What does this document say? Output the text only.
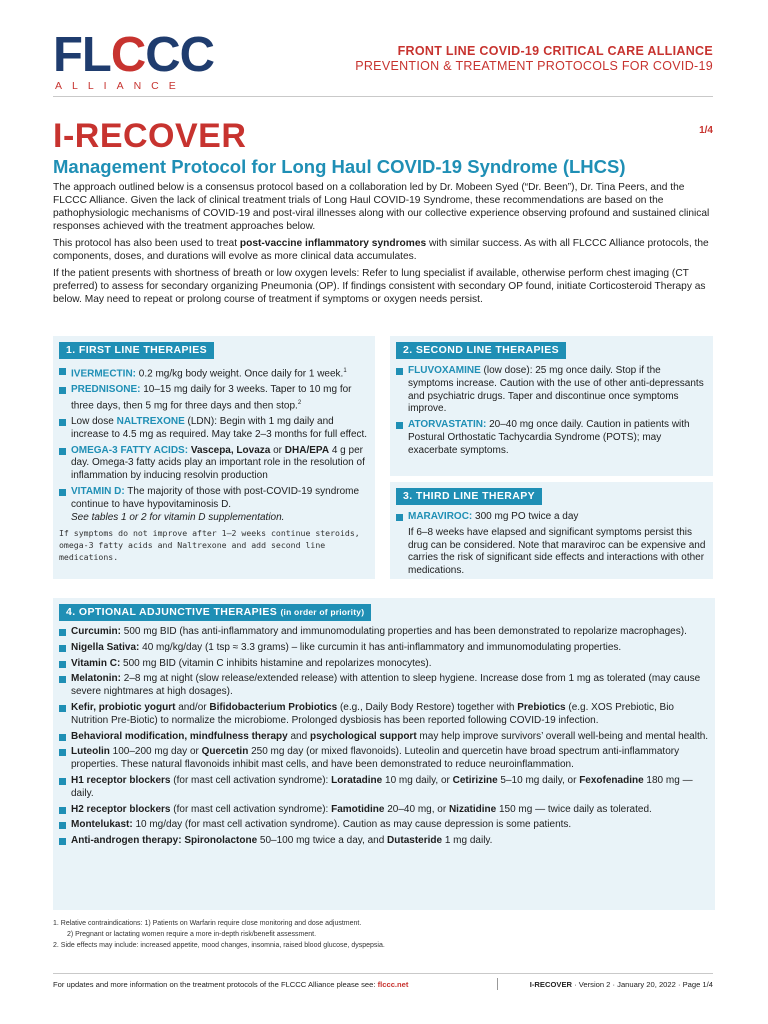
FLCCC
ALLIANCE
FRONT LINE COVID-19 CRITICAL CARE ALLIANCE
PREVENTION & TREATMENT PROTOCOLS FOR COVID-19
I-RECOVER	1/4
Management Protocol for Long Haul COVID-19 Syndrome (LHCS)

The approach outlined below is a consensus protocol based on a collaboration led by Dr. Mobeen Syed (“Dr. Been”), Dr. Tina Peers, and the FLCCC Alliance. Given the lack of clinical treatment trials of Long Haul COVID-19 Syndrome, these recommendations are based on the pathophysiologic mechanisms of COVID-19 and post-viral illnesses along with our collective experience observing profound and sustained clinical responses achieved with the treatment approaches below.

This protocol has also been used to treat post-vaccine inflammatory syndromes with similar success. As with all FLCCC Alliance protocols, the components, doses, and durations will evolve as more clinical data accumulates.

If the patient presents with shortness of breath or low oxygen levels: Refer to lung specialist if available, otherwise perform chest imaging (CT preferred) to assess for secondary organizing Pneumonia (OP). If findings consistent with secondary OP found, initiate Corticosteroid Therapy as below. May need to repeat or prolong course of treatment if symptoms or oxygen needs persist.

1. FIRST LINE THERAPIES
IVERMECTIN: 0.2 mg/kg body weight. Once daily for 1 week.$^1$
PREDNISONE: 10–15 mg daily for 3 weeks. Taper to 10 mg for three days, then 5 mg for three days and then stop.$^2$
Low dose NALTREXONE (LDN): Begin with 1 mg daily and increase to 4.5 mg as required. May take 2–3 months for full effect.
OMEGA-3 FATTY ACIDS: Vascepa, Lovaza or DHA/EPA 4 g per day. Omega-3 fatty acids play an important role in the resolution of inflammation by inducing resolvin production
VITAMIN D: The majority of those with post-COVID-19 syndrome continue to have hypovitaminosis D.
See tables 1 or 2 for vitamin D supplementation.
If symptoms do not improve after 1–2 weeks continue steroids, omega-3 fatty acids and Naltrexone and add second line medications.
2. SECOND LINE THERAPIES
FLUVOXAMINE (low dose): 25 mg once daily. Stop if the symptoms increase. Caution with the use of other anti-depressants and psychiatric drugs. Taper and discontinue once symptoms improve.
ATORVASTATIN: 20–40 mg once daily. Caution in patients with Postural Orthostatic Tachycardia Syndrome (POTS); may exacerbate symptoms.
3. THIRD LINE THERAPY
MARAVIROC: 300 mg PO twice a day
If 6–8 weeks have elapsed and significant symptoms persist this drug can be considered. Note that maraviroc can be expensive and carries the risk of significant side effects and interactions with other medications.
4. OPTIONAL ADJUNCTIVE THERAPIES (in order of priority)
Curcumin: 500 mg BID (has anti-inflammatory and immunomodulating properties and has been demonstrated to repolarize macrophages).
Nigella Sativa: 40 mg/kg/day (1 tsp ≈ 3.3 grams) – like curcumin it has anti-inflammatory and immunomodulating properties.
Vitamin C: 500 mg BID (vitamin C inhibits histamine and repolarizes monocytes).
Melatonin: 2–8 mg at night (slow release/extended release) with attention to sleep hygiene. Increase dose from 1 mg as tolerated (may cause severe nightmares at high dosages).
Kefir, probiotic yogurt and/or Bifidobacterium Probiotics (e.g., Daily Body Restore) together with Prebiotics (e.g. XOS Prebiotic, Bio Nutrition Pre-Biotic) to normalize the microbiome. Prolonged dysbiosis has been reported following COVID-19 infection.
Behavioral modification, mindfulness therapy and psychological support may help improve survivors’ overall well-being and mental health.
Luteolin 100–200 mg day or Quercetin 250 mg day (or mixed flavonoids). Luteolin and quercetin have broad spectrum anti-inflammatory properties. These natural flavonoids inhibit mast cells, and have been demonstrated to reduce neuroinflammation.
H1 receptor blockers (for mast cell activation syndrome): Loratadine 10 mg daily, or Cetirizine 5–10 mg daily, or Fexofenadine 180 mg — daily.
H2 receptor blockers (for mast cell activation syndrome): Famotidine 20–40 mg, or Nizatidine 150 mg — twice daily as tolerated.
Montelukast: 10 mg/day (for mast cell activation syndrome). Caution as may cause depression is some patients.
Anti-androgen therapy: Spironolactone 50–100 mg twice a day, and Dutasteride 1 mg daily.
1. Relative contraindications: 1) Patients on Warfarin require close monitoring and dose adjustment.
2) Pregnant or lactating women require a more in-depth risk/benefit assessment.
2. Side effects may include: increased appetite, mood changes, insomnia, raised blood glucose, dyspepsia.
For updates and more information on the treatment protocols of the FLCCC Alliance please see: flccc.net	I-RECOVER · Version 2 · January 20, 2022 · Page 1/4
